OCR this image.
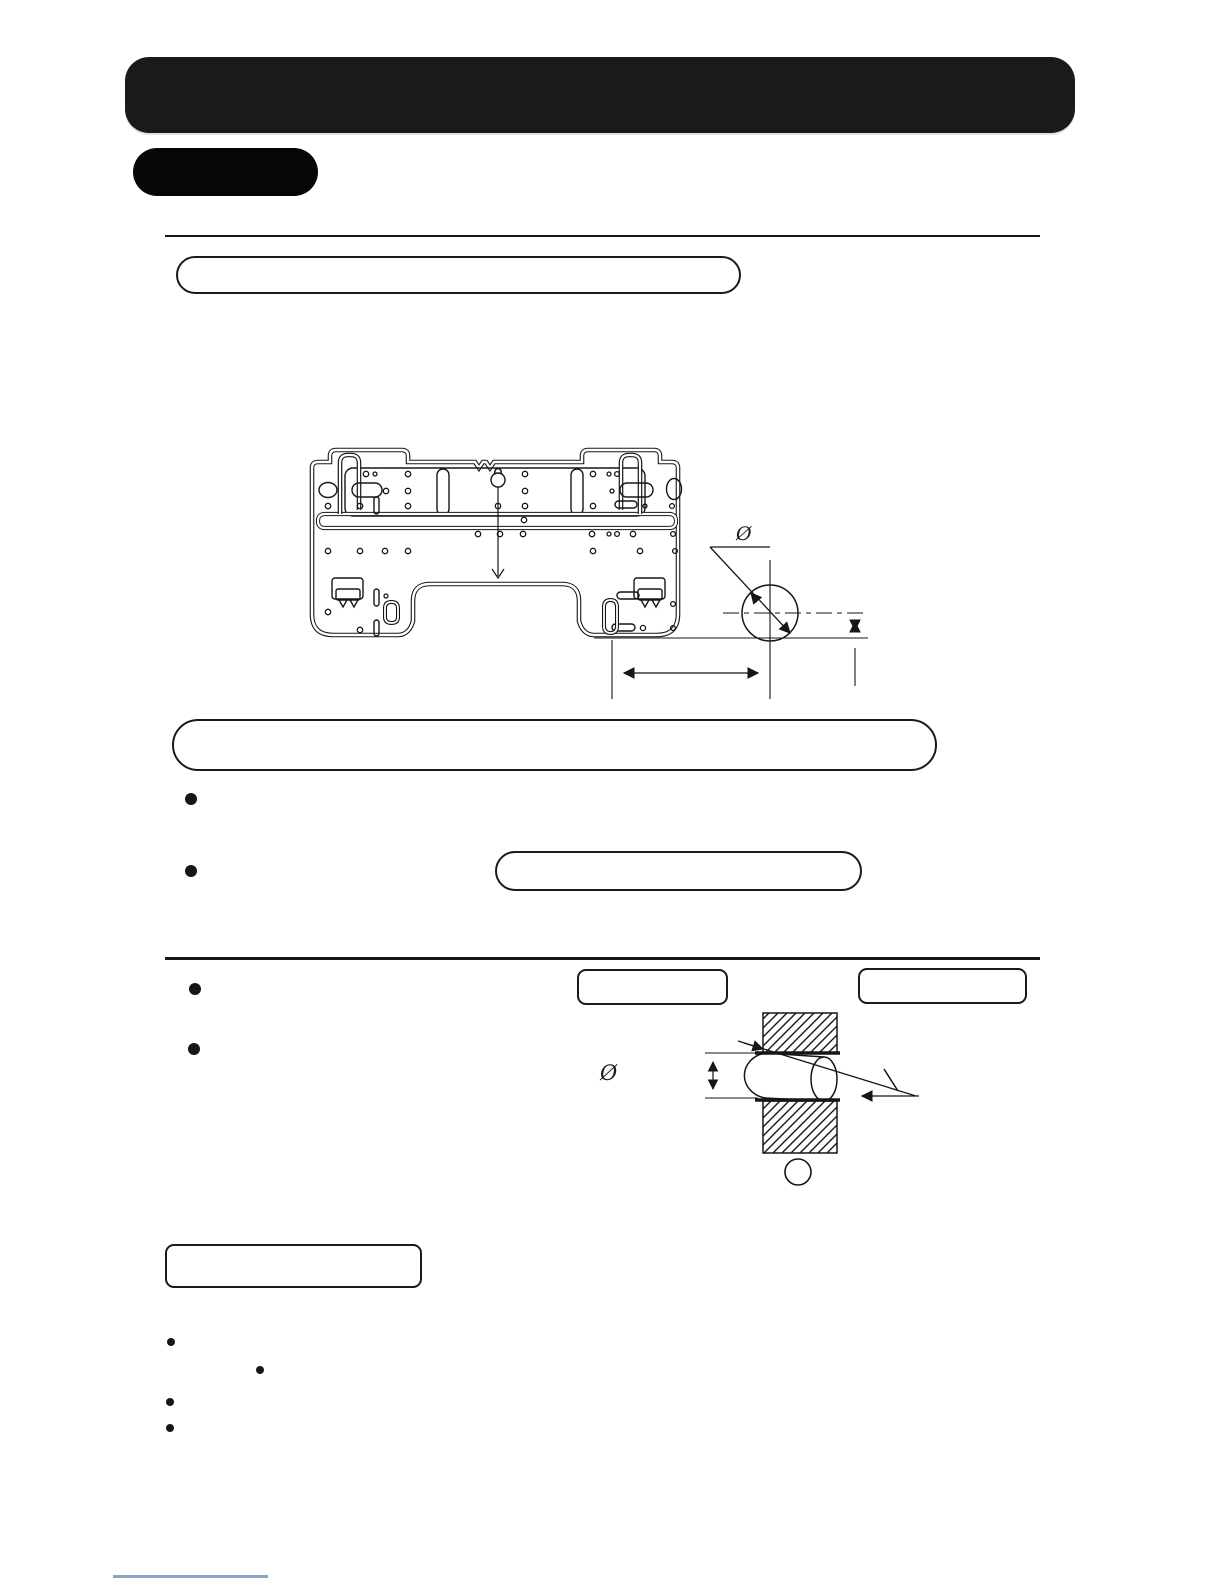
Ø
Ø
